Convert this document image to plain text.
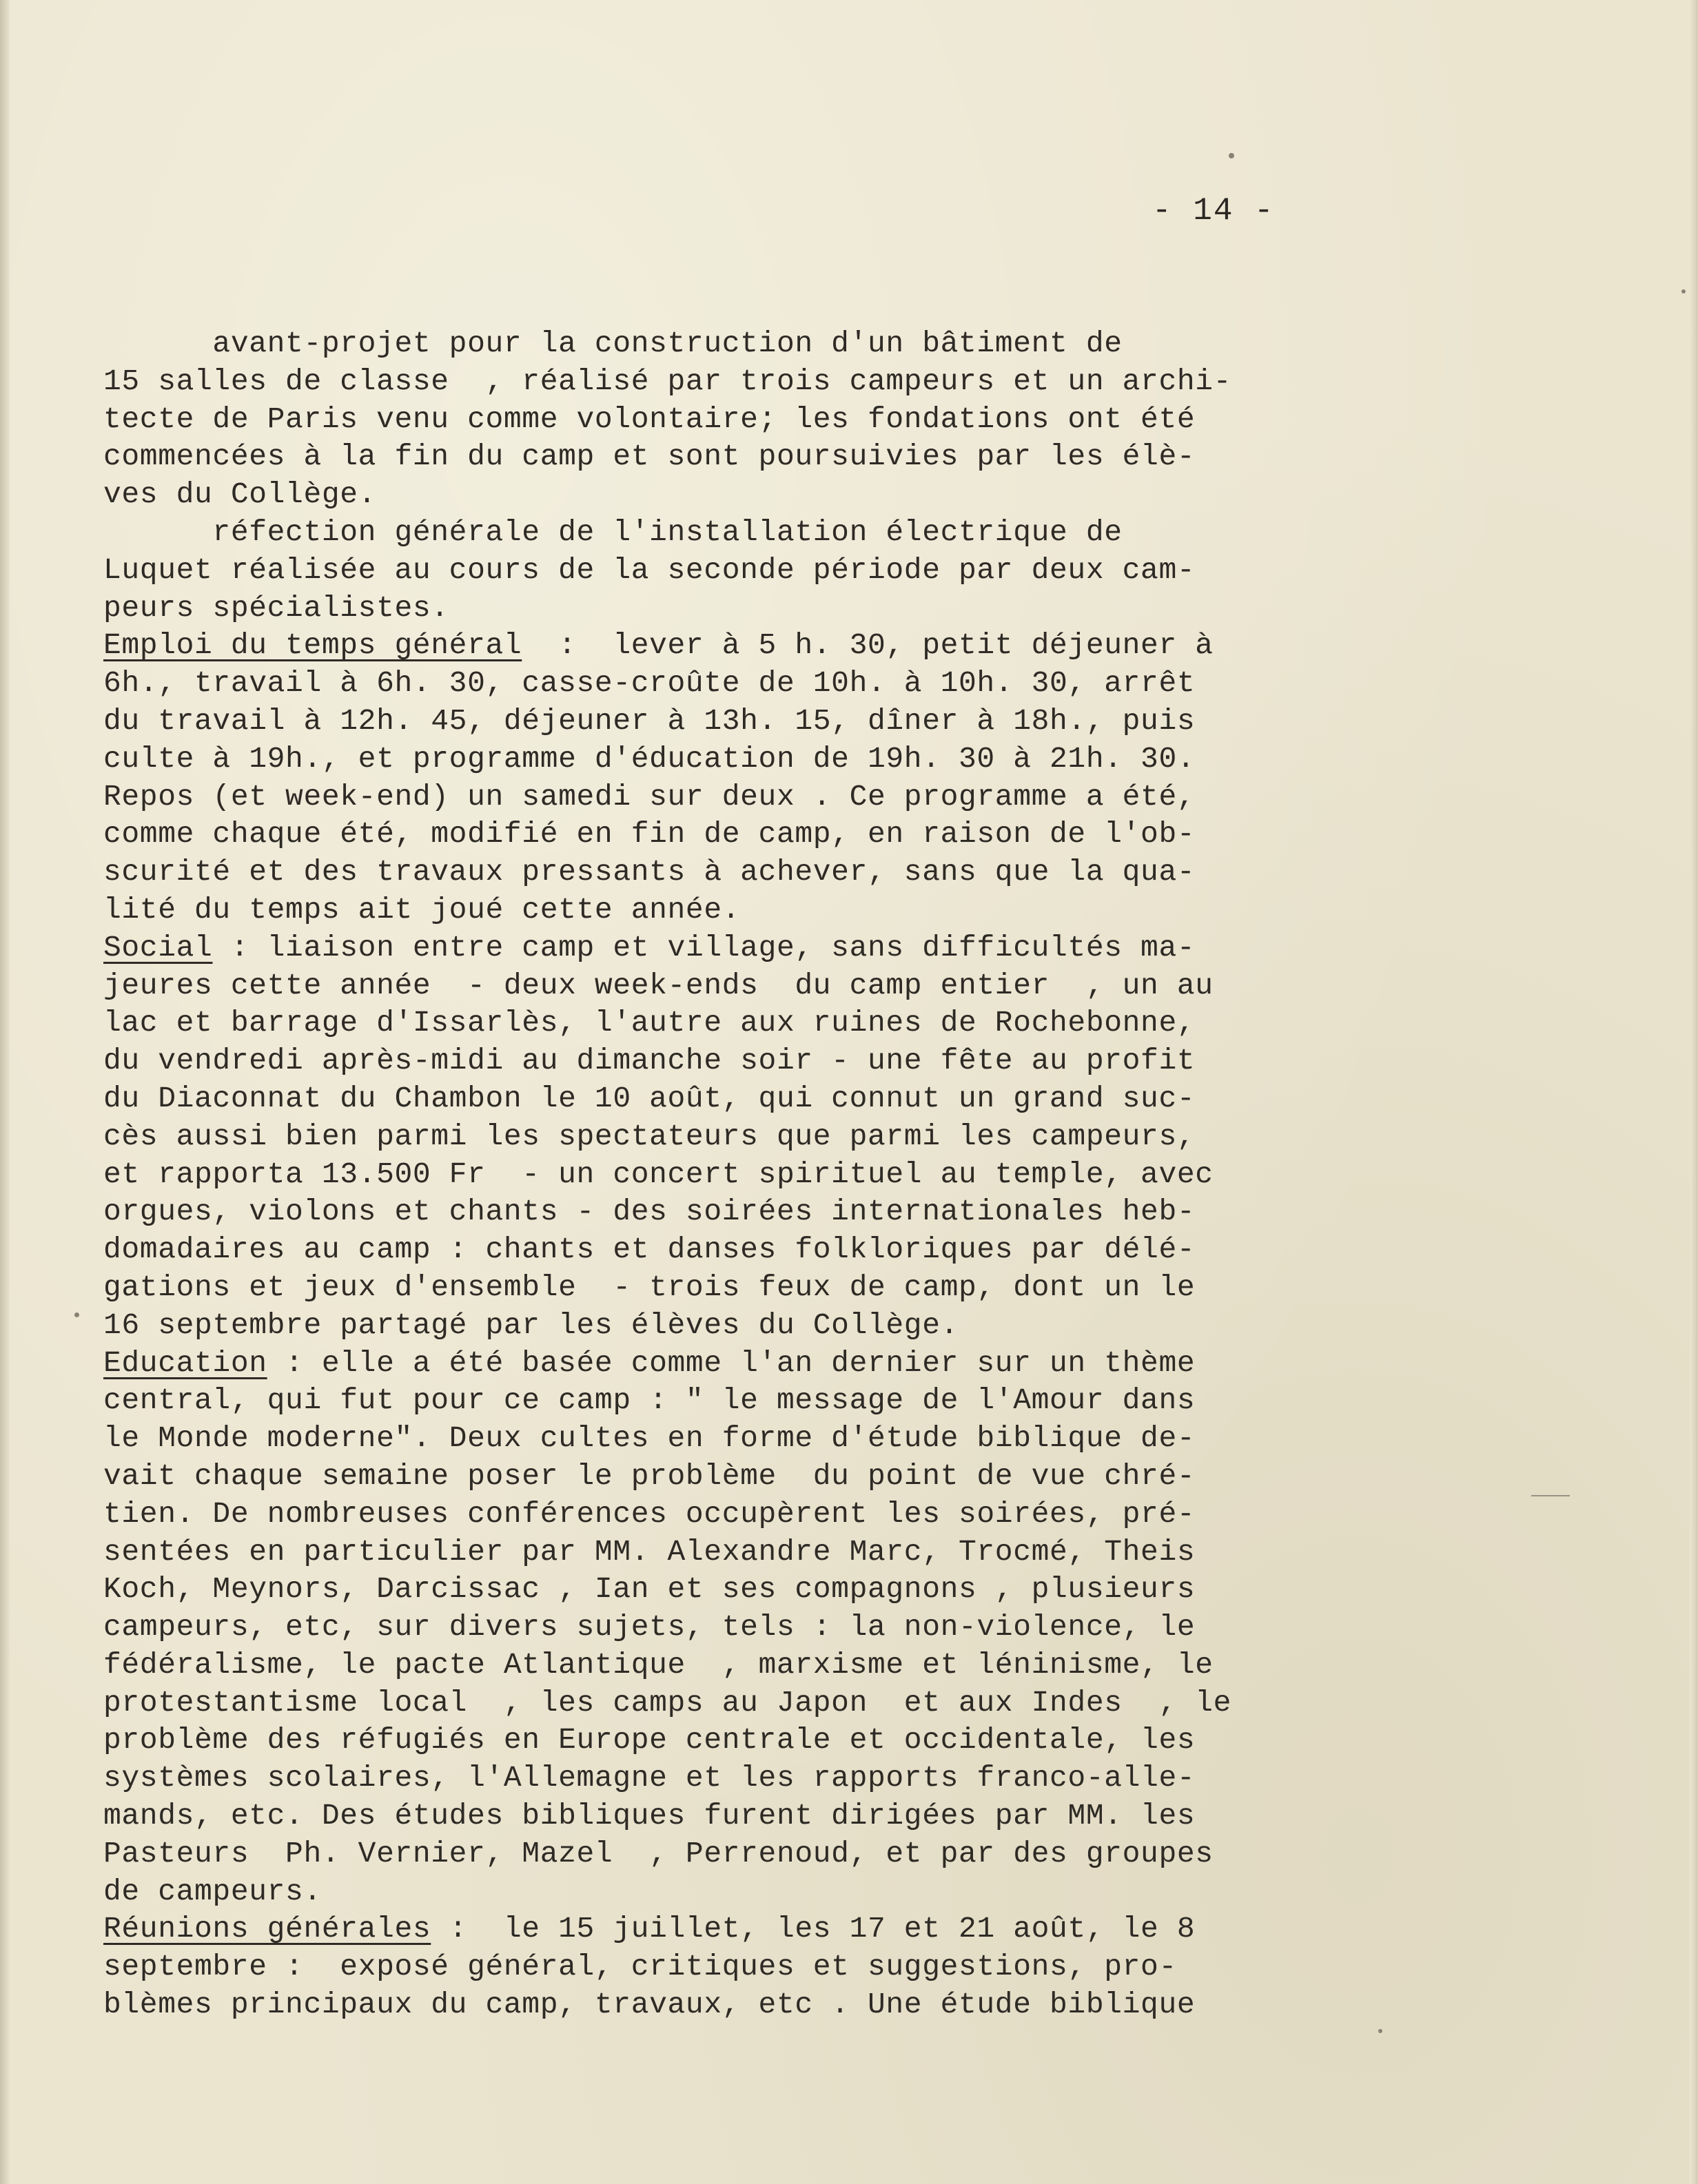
- 14 -
avant-projet pour la construction d'un bâtiment de
15 salles de classe  , réalisé par trois campeurs et un archi-
tecte de Paris venu comme volontaire; les fondations ont été
commencées à la fin du camp et sont poursuivies par les élè-
ves du Collège.
réfection générale de l'installation électrique de
Luquet réalisée au cours de la seconde période par deux cam-
peurs spécialistes.
Emploi du temps général  :  lever à 5 h. 30, petit déjeuner à
6h., travail à 6h. 30, casse-croûte de 10h. à 10h. 30, arrêt
du travail à 12h. 45, déjeuner à 13h. 15, dîner à 18h., puis
culte à 19h., et programme d'éducation de 19h. 30 à 21h. 30.
Repos (et week-end) un samedi sur deux . Ce programme a été,
comme chaque été, modifié en fin de camp, en raison de l'ob-
scurité et des travaux pressants à achever, sans que la qua-
lité du temps ait joué cette année.
Social : liaison entre camp et village, sans difficultés ma-
jeures cette année  - deux week-ends  du camp entier  , un au
lac et barrage d'Issarlès, l'autre aux ruines de Rochebonne,
du vendredi après-midi au dimanche soir - une fête au profit
du Diaconnat du Chambon le 10 août, qui connut un grand suc-
cès aussi bien parmi les spectateurs que parmi les campeurs,
et rapporta 13.500 Fr  - un concert spirituel au temple, avec
orgues, violons et chants - des soirées internationales heb-
domadaires au camp : chants et danses folkloriques par délé-
gations et jeux d'ensemble  - trois feux de camp, dont un le
16 septembre partagé par les élèves du Collège.
Education : elle a été basée comme l'an dernier sur un thème
central, qui fut pour ce camp : " le message de l'Amour dans
le Monde moderne". Deux cultes en forme d'étude biblique de-
vait chaque semaine poser le problème  du point de vue chré-
tien. De nombreuses conférences occupèrent les soirées, pré-
sentées en particulier par MM. Alexandre Marc, Trocmé, Theis
Koch, Meynors, Darcissac , Ian et ses compagnons , plusieurs
campeurs, etc, sur divers sujets, tels : la non-violence, le
fédéralisme, le pacte Atlantique  , marxisme et léninisme, le
protestantisme local  , les camps au Japon  et aux Indes  , le
problème des réfugiés en Europe centrale et occidentale, les
systèmes scolaires, l'Allemagne et les rapports franco-alle-
mands, etc. Des études bibliques furent dirigées par MM. les
Pasteurs  Ph. Vernier, Mazel  , Perrenoud, et par des groupes
de campeurs.
Réunions générales :  le 15 juillet, les 17 et 21 août, le 8
septembre :  exposé général, critiques et suggestions, pro-
blèmes principaux du camp, travaux, etc . Une étude biblique
